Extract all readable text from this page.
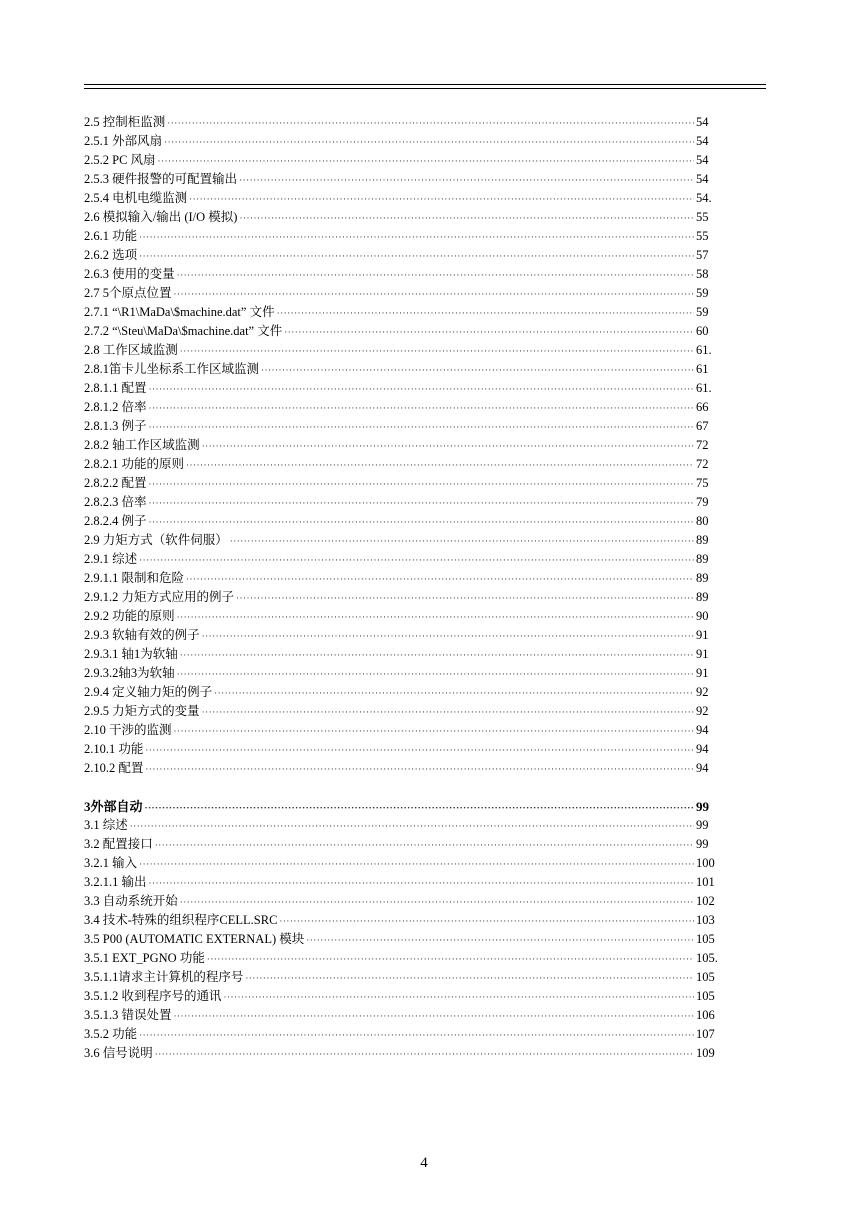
2.5 控制柜监测 ·····	54
2.5.1 外部风扇 ·····	54
2.5.2 PC 风扇 ·····	54
2.5.3 硬件报警的可配置输出 ·····	54
2.5.4 电机电缆监测 ·····	54.
2.6 模拟输入/输出 (I/O 模拟) ·····	55
2.6.1 功能 ·····	55
2.6.2 选项 ·····	57
2.6.3 使用的变量 ·····	58
2.7 5个原点位置 ·····	59
2.7.1 “\R1\MaDa\$machine.dat” 文件 ·····	59
2.7.2 “\Steu\MaDa\$machine.dat” 文件 ·····	60
2.8 工作区域监测 ·····	61.
2.8.1笛卡儿坐标系工作区域监测 ·····	61
2.8.1.1 配置 ·····	61.
2.8.1.2 倍率 ·····	66
2.8.1.3 例子 ·····	67
2.8.2 轴工作区域监测 ·····	72
2.8.2.1 功能的原则 ·····	72
2.8.2.2 配置 ·····	75
2.8.2.3 倍率 ·····	79
2.8.2.4 例子 ·····	80
2.9 力矩方式（软件伺服） ·····	89
2.9.1 综述 ·····	89
2.9.1.1 限制和危险 ·····	89
2.9.1.2 力矩方式应用的例子 ·····	89
2.9.2 功能的原则 ·····	90
2.9.3 软轴有效的例子 ·····	91
2.9.3.1 轴1为软轴 ·····	91
2.9.3.2轴3为软轴 ·····	91
2.9.4 定义轴力矩的例子 ·····	92
2.9.5 力矩方式的变量 ·····	92
2.10 干涉的监测 ·····	94
2.10.1 功能 ·····	94
2.10.2 配置 ·····	94
3外部自动 ·····	99
3.1 综述 ·····	99
3.2 配置接口 ·····	99
3.2.1 输入 ·····	100
3.2.1.1 输出 ·····	101
3.3 自动系统开始 ·····	102
3.4 技术-特殊的组织程序CELL.SRC ·····	103
3.5 P00 (AUTOMATIC EXTERNAL) 模块 ·····	105
3.5.1 EXT_PGNO 功能 ·····	105.
3.5.1.1请求主计算机的程序号 ·····	105
3.5.1.2 收到程序号的通讯 ·····	105
3.5.1.3 错误处置 ·····	106
3.5.2 功能 ·····	107
3.6 信号说明 ·····	109
4
